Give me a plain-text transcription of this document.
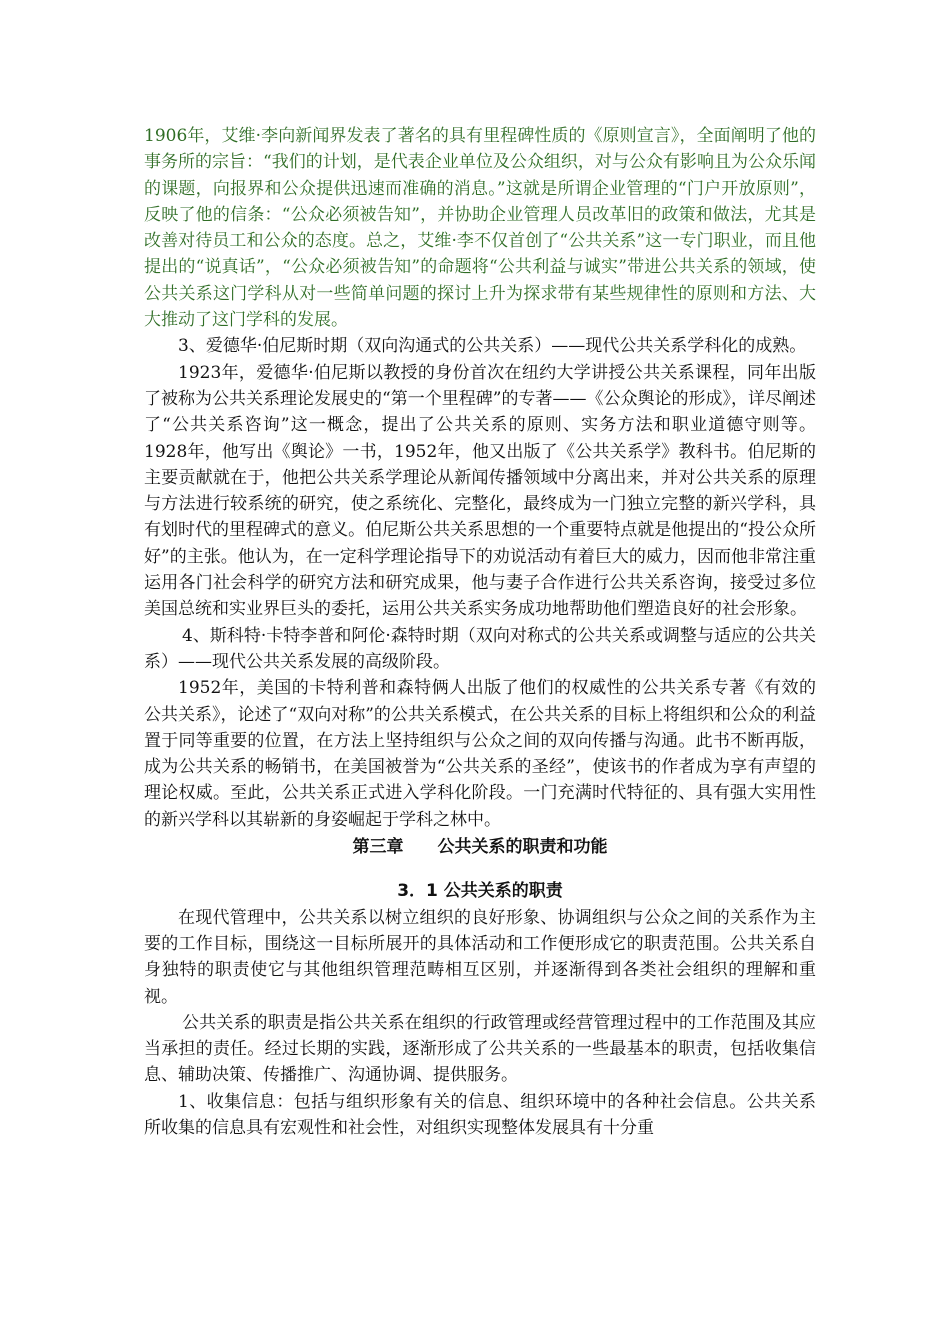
1906年，艾维·李向新闻界发表了著名的具有里程碑性质的《原则宣言》，全面阐明了他的事务所的宗旨：“我们的计划，是代表企业单位及公众组织，对与公众有影响且为公众乐闻的课题，向报界和公众提供迅速而准确的消息。”这就是所谓企业管理的“门户开放原则”，反映了他的信条：“公众必须被告知”，并协助企业管理人员改革旧的政策和做法，尤其是改善对待员工和公众的态度。总之，艾维·李不仅首创了“公共关系”这一专门职业，而且他提出的“说真话”，“公众必须被告知”的命题将“公共利益与诚实”带进公共关系的领域，使公共关系这门学科从对一些简单问题的探讨上升为探求带有某些规律性的原则和方法、大大推动了这门学科的发展。

3、爱德华·伯尼斯时期（双向沟通式的公共关系）——现代公共关系学科化的成熟。

1923年，爱德华·伯尼斯以教授的身份首次在纽约大学讲授公共关系课程，同年出版了被称为公共关系理论发展史的“第一个里程碑”的专著——《公众舆论的形成》，详尽阐述了“公共关系咨询”这一概念，提出了公共关系的原则、实务方法和职业道德守则等。1928年，他写出《舆论》一书，1952年，他又出版了《公共关系学》教科书。伯尼斯的主要贡献就在于，他把公共关系学理论从新闻传播领域中分离出来，并对公共关系的原理与方法进行较系统的研究，使之系统化、完整化，最终成为一门独立完整的新兴学科，具有划时代的里程碑式的意义。伯尼斯公共关系思想的一个重要特点就是他提出的“投公众所好”的主张。他认为，在一定科学理论指导下的劝说活动有着巨大的威力，因而他非常注重运用各门社会科学的研究方法和研究成果，他与妻子合作进行公共关系咨询，接受过多位美国总统和实业界巨头的委托，运用公共关系实务成功地帮助他们塑造良好的社会形象。

4、斯科特·卡特李普和阿伦·森特时期（双向对称式的公共关系或调整与适应的公共关系）——现代公共关系发展的高级阶段。

1952年，美国的卡特利普和森特俩人出版了他们的权威性的公共关系专著《有效的公共关系》，论述了“双向对称”的公共关系模式，在公共关系的目标上将组织和公众的利益置于同等重要的位置，在方法上坚持组织与公众之间的双向传播与沟通。此书不断再版，成为公共关系的畅销书，在美国被誉为“公共关系的圣经”，使该书的作者成为享有声望的理论权威。至此，公共关系正式进入学科化阶段。一门充满时代特征的、具有强大实用性的新兴学科以其崭新的身姿崛起于学科之林中。

第三章 公共关系的职责和功能

3．1 公共关系的职责

在现代管理中，公共关系以树立组织的良好形象、协调组织与公众之间的关系作为主要的工作目标，围绕这一目标所展开的具体活动和工作便形成它的职责范围。公共关系自身独特的职责使它与其他组织管理范畴相互区别，并逐渐得到各类社会组织的理解和重视。

公共关系的职责是指公共关系在组织的行政管理或经营管理过程中的工作范围及其应当承担的责任。经过长期的实践，逐渐形成了公共关系的一些最基本的职责，包括收集信息、辅助决策、传播推广、沟通协调、提供服务。

1、收集信息：包括与组织形象有关的信息、组织环境中的各种社会信息。公共关系所收集的信息具有宏观性和社会性，对组织实现整体发展具有十分重
